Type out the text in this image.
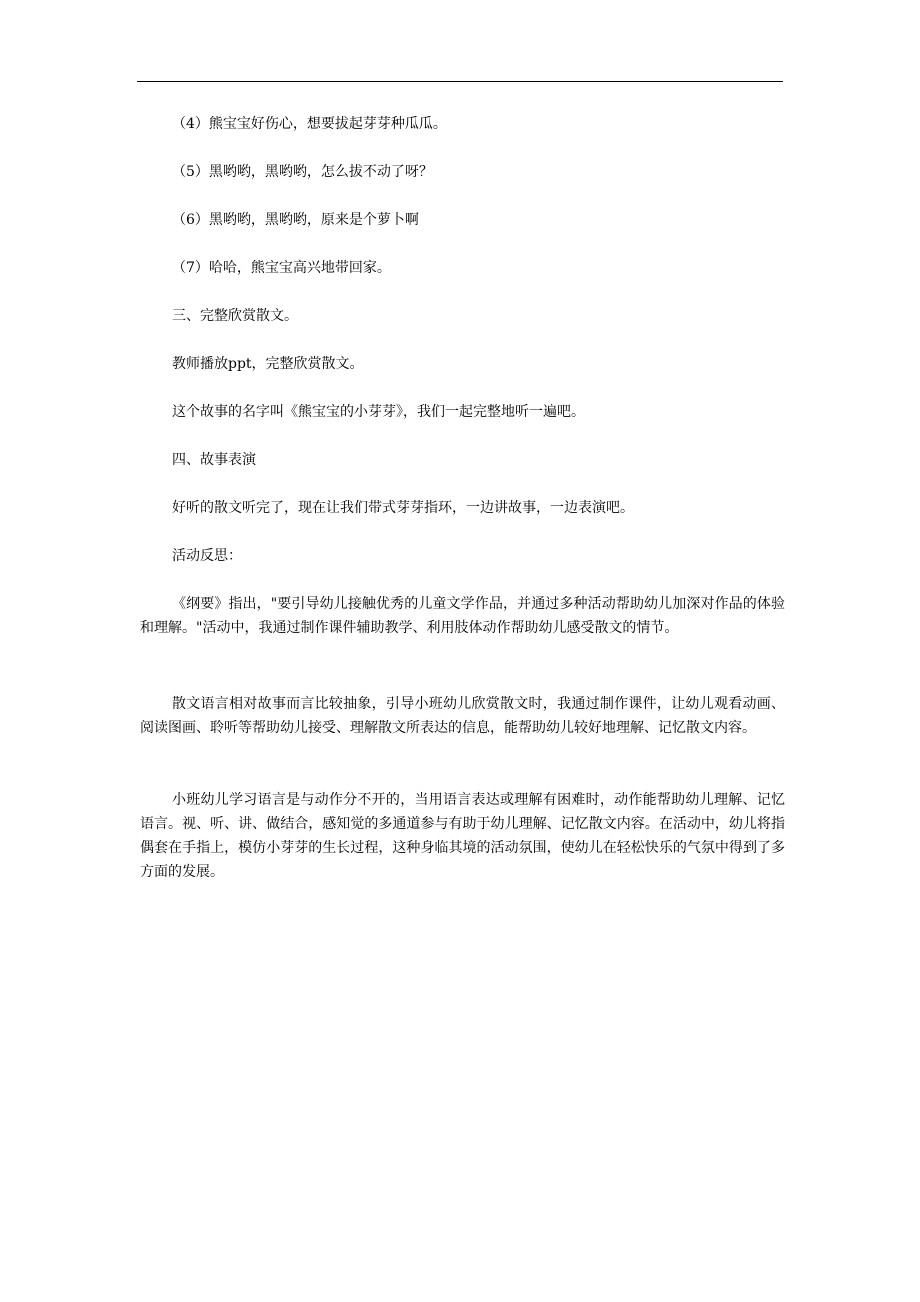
（4）熊宝宝好伤心，想要拔起芽芽种瓜瓜。
（5）黑哟哟，黑哟哟，怎么拔不动了呀？
（6）黑哟哟，黑哟哟，原来是个萝卜啊
（7）哈哈，熊宝宝高兴地带回家。
三、完整欣赏散文。
教师播放ppt，完整欣赏散文。
这个故事的名字叫《熊宝宝的小芽芽》，我们一起完整地听一遍吧。
四、故事表演
好听的散文听完了，现在让我们带式芽芽指环，一边讲故事，一边表演吧。
活动反思：
《纲要》指出，"要引导幼儿接触优秀的儿童文学作品，并通过多种活动帮助幼儿加深对作品的体验和理解。"活动中，我通过制作课件辅助教学、利用肢体动作帮助幼儿感受散文的情节。
散文语言相对故事而言比较抽象，引导小班幼儿欣赏散文时，我通过制作课件，让幼儿观看动画、阅读图画、聆听等帮助幼儿接受、理解散文所表达的信息，能帮助幼儿较好地理解、记忆散文内容。
小班幼儿学习语言是与动作分不开的，当用语言表达或理解有困难时，动作能帮助幼儿理解、记忆语言。视、听、讲、做结合，感知觉的多通道参与有助于幼儿理解、记忆散文内容。在活动中，幼儿将指偶套在手指上，模仿小芽芽的生长过程，这种身临其境的活动氛围，使幼儿在轻松快乐的气氛中得到了多方面的发展。
